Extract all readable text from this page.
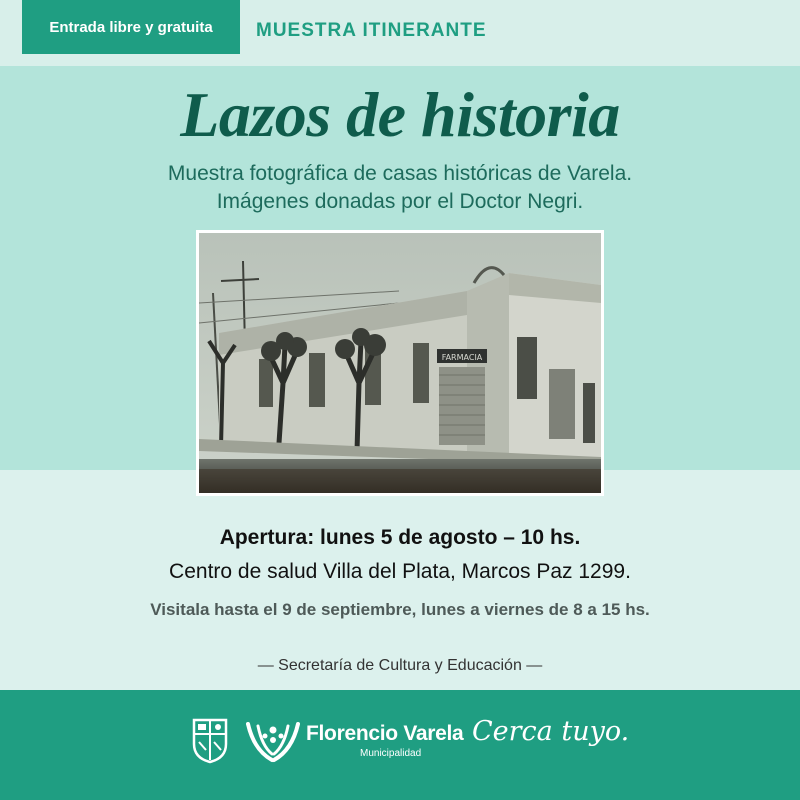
Entrada libre y gratuita	MUESTRA ITINERANTE
Lazos de historia
Muestra fotográfica de casas históricas de Varela.
Imágenes donadas por el Doctor Negri.
FARMACIA
Apertura: lunes 5 de agosto – 10 hs.
Centro de salud Villa del Plata, Marcos Paz 1299.
Visitala hasta el 9 de septiembre, lunes a viernes de 8 a 15 hs.
— Secretaría de Cultura y Educación —
Florencio Varela
Municipalidad
Cerca tuyo.
